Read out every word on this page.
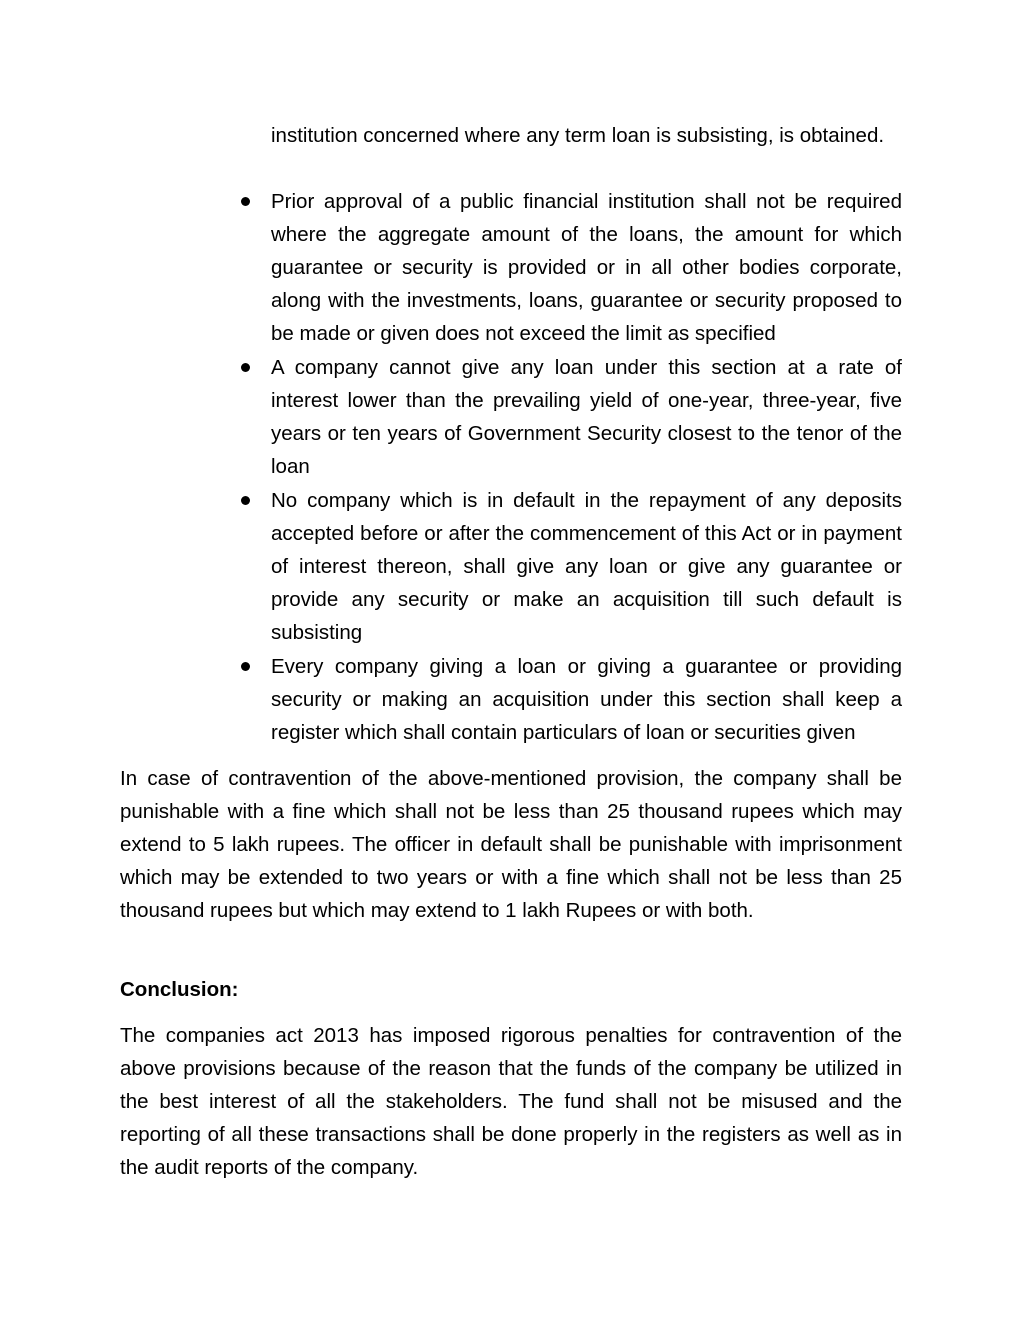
institution concerned where any term loan is subsisting, is obtained.

Prior approval of a public financial institution shall not be required where the aggregate amount of the loans, the amount for which guarantee or security is provided or in all other bodies corporate, along with the investments, loans, guarantee or security proposed to be made or given does not exceed the limit as specified
A company cannot give any loan under this section at a rate of interest lower than the prevailing yield of one-year, three-year, five years or ten years of Government Security closest to the tenor of the loan
No company which is in default in the repayment of any deposits accepted before or after the commencement of this Act or in payment of interest thereon, shall give any loan or give any guarantee or provide any security or make an acquisition till such default is subsisting
Every company giving a loan or giving a guarantee or providing security or making an acquisition under this section shall keep a register which shall contain particulars of loan or securities given

In case of contravention of the above-mentioned provision, the company shall be punishable with a fine which shall not be less than 25 thousand rupees which may extend to 5 lakh rupees. The officer in default shall be punishable with imprisonment which may be extended to two years or with a fine which shall not be less than 25 thousand rupees but which may extend to 1 lakh Rupees or with both.

Conclusion:

The companies act 2013 has imposed rigorous penalties for contravention of the above provisions because of the reason that the funds of the company be utilized in the best interest of all the stakeholders. The fund shall not be misused and the reporting of all these transactions shall be done properly in the registers as well as in the audit reports of the company.
